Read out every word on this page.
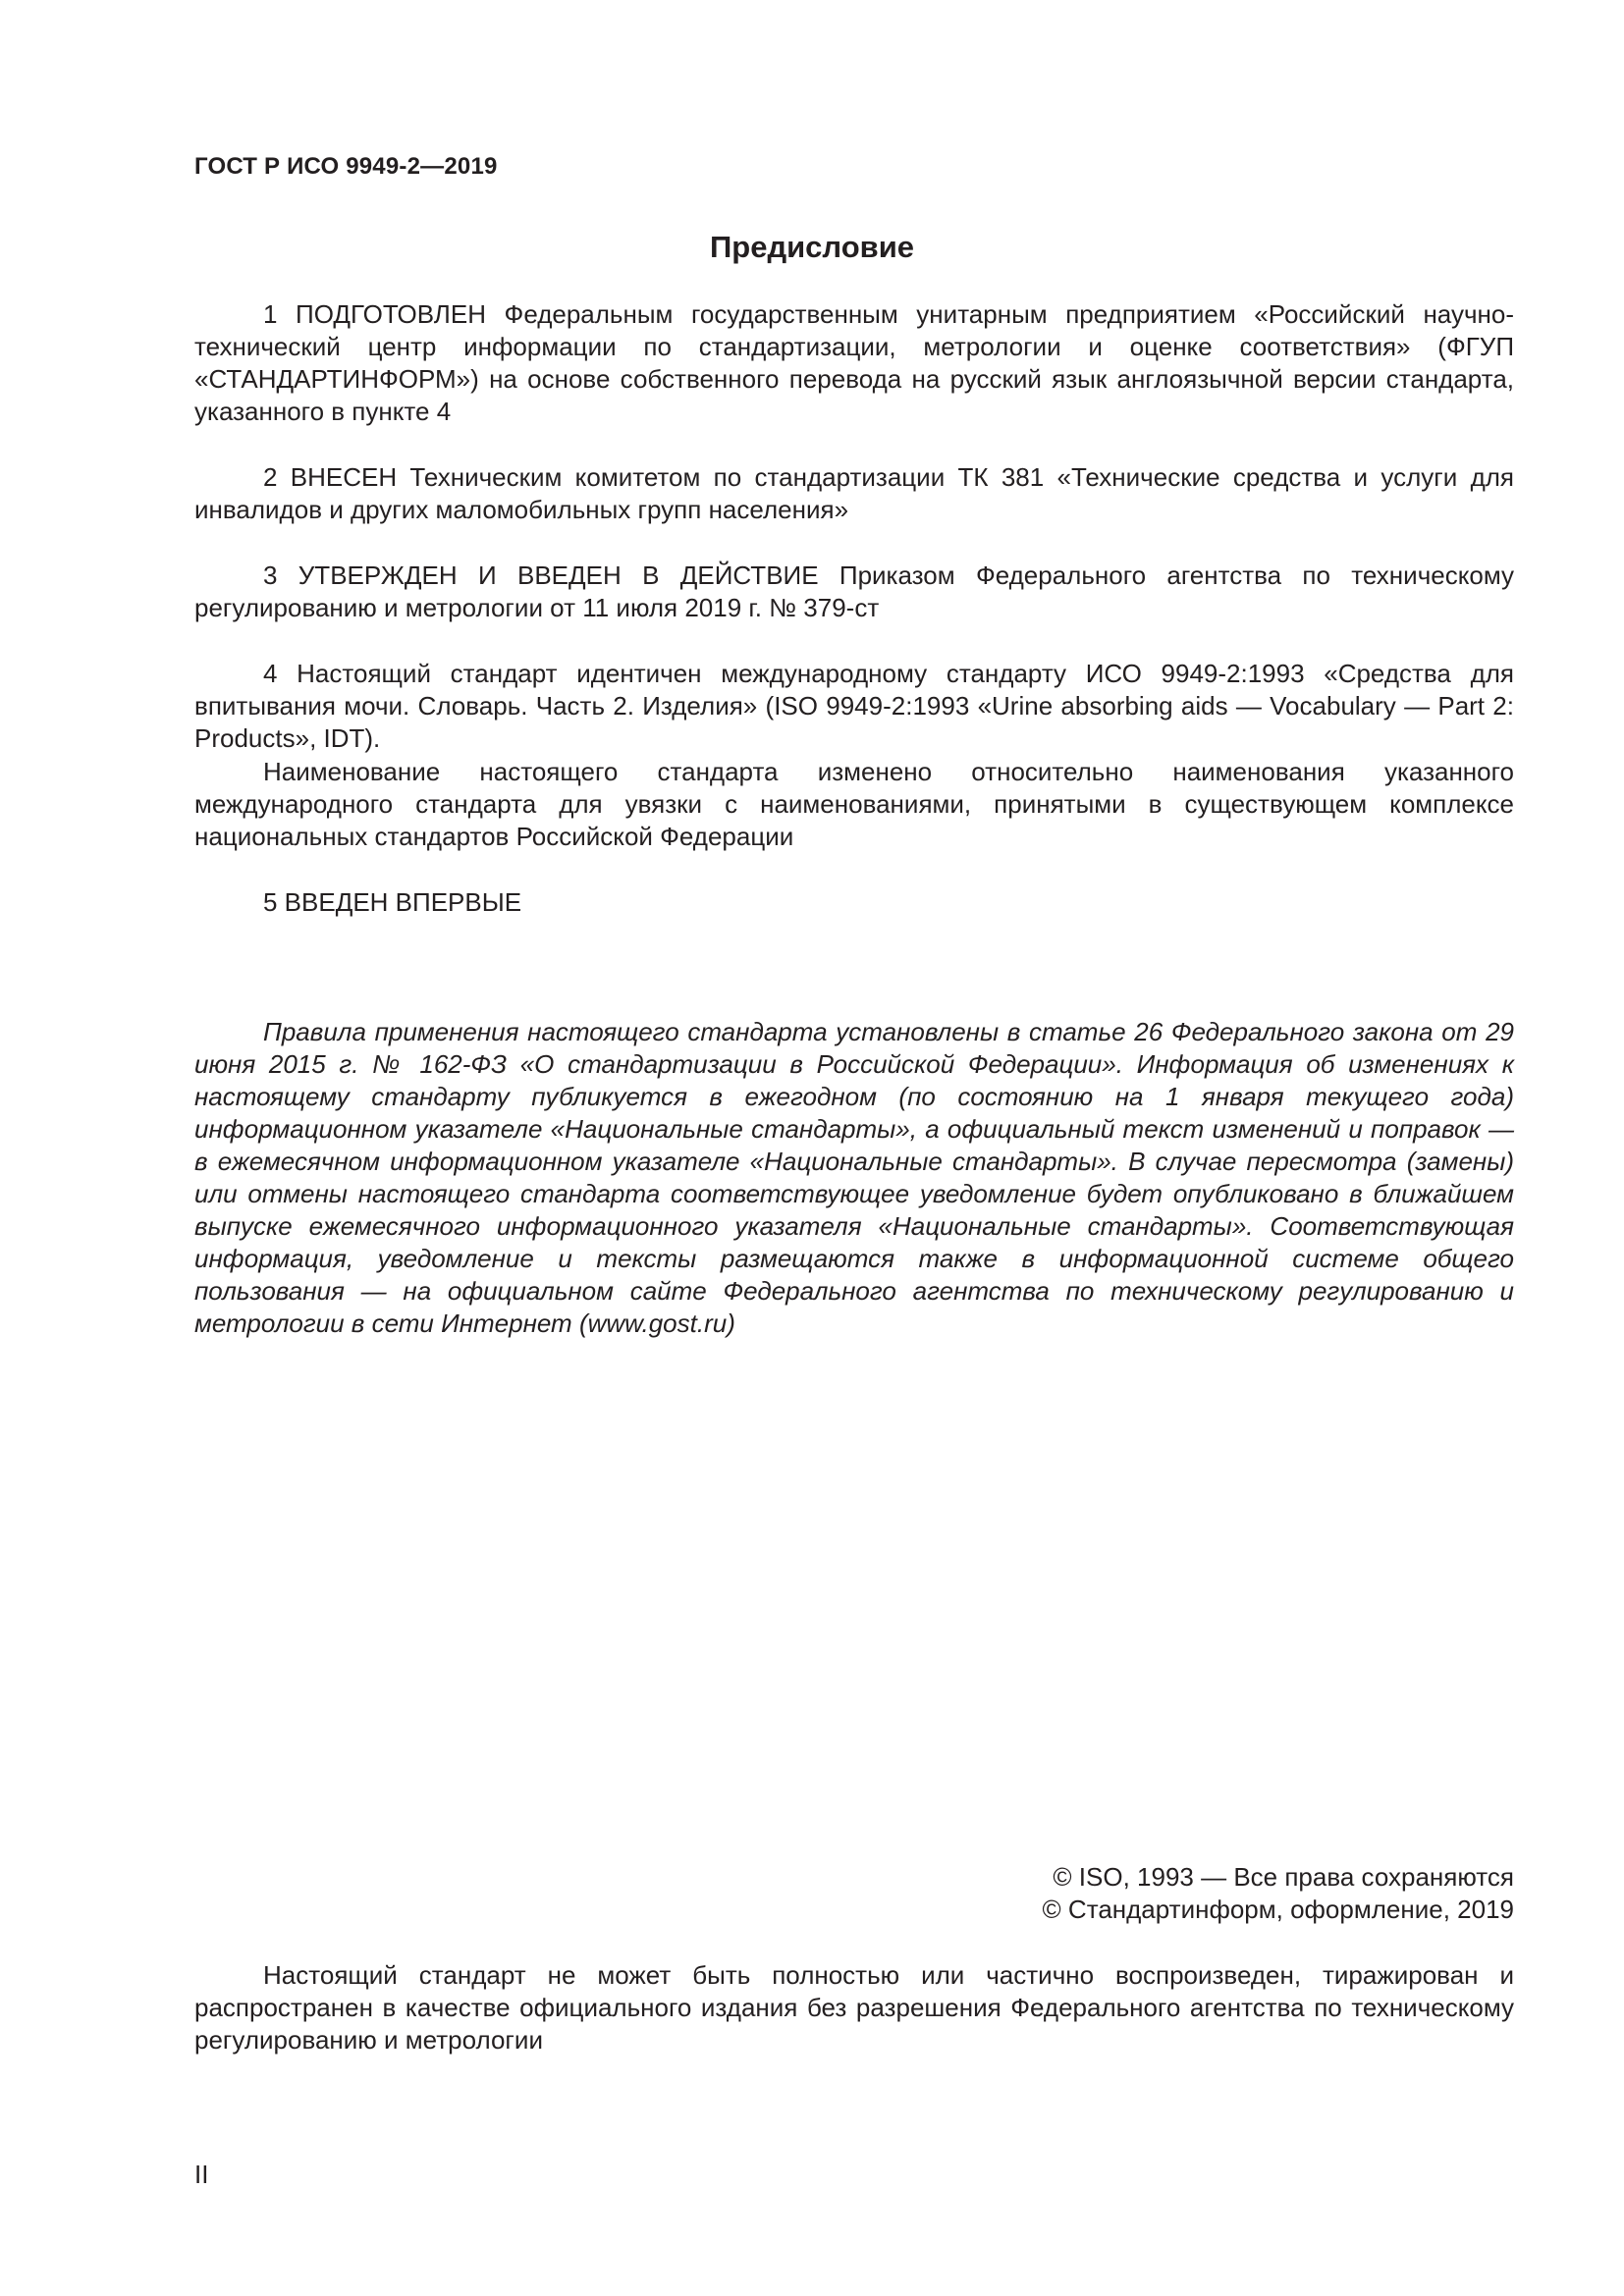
ГОСТ Р ИСО 9949-2—2019
Предисловие

1 ПОДГОТОВЛЕН Федеральным государственным унитарным предприятием «Российский научно-технический центр информации по стандартизации, метрологии и оценке соответствия» (ФГУП «СТАНДАРТИНФОРМ») на основе собственного перевода на русский язык англоязычной версии стандарта, указанного в пункте 4

2 ВНЕСЕН Техническим комитетом по стандартизации ТК 381 «Технические средства и услуги для инвалидов и других маломобильных групп населения»

3 УТВЕРЖДЕН И ВВЕДЕН В ДЕЙСТВИЕ Приказом Федерального агентства по техническому регулированию и метрологии от 11 июля 2019 г. № 379-ст

4 Настоящий стандарт идентичен международному стандарту ИСО 9949-2:1993 «Средства для впитывания мочи. Словарь. Часть 2. Изделия» (ISO 9949-2:1993 «Urine absorbing aids — Vocabulary — Part 2: Products», IDT).

Наименование настоящего стандарта изменено относительно наименования указанного международного стандарта для увязки с наименованиями, принятыми в существующем комплексе национальных стандартов Российской Федерации

5 ВВЕДЕН ВПЕРВЫЕ

Правила применения настоящего стандарта установлены в статье 26 Федерального закона от 29 июня 2015 г. № 162-ФЗ «О стандартизации в Российской Федерации». Информация об изменениях к настоящему стандарту публикуется в ежегодном (по состоянию на 1 января текущего года) информационном указателе «Национальные стандарты», а официальный текст изменений и поправок — в ежемесячном информационном указателе «Национальные стандарты». В случае пересмотра (замены) или отмены настоящего стандарта соответствующее уведомление будет опубликовано в ближайшем выпуске ежемесячного информационного указателя «Национальные стандарты». Соответствующая информация, уведомление и тексты размещаются также в информационной системе общего пользования — на официальном сайте Федерального агентства по техническому регулированию и метрологии в сети Интернет (www.gost.ru)

© ISO, 1993 — Все права сохраняются
© Стандартинформ, оформление, 2019

Настоящий стандарт не может быть полностью или частично воспроизведен, тиражирован и распространен в качестве официального издания без разрешения Федерального агентства по техническому регулированию и метрологии

II
